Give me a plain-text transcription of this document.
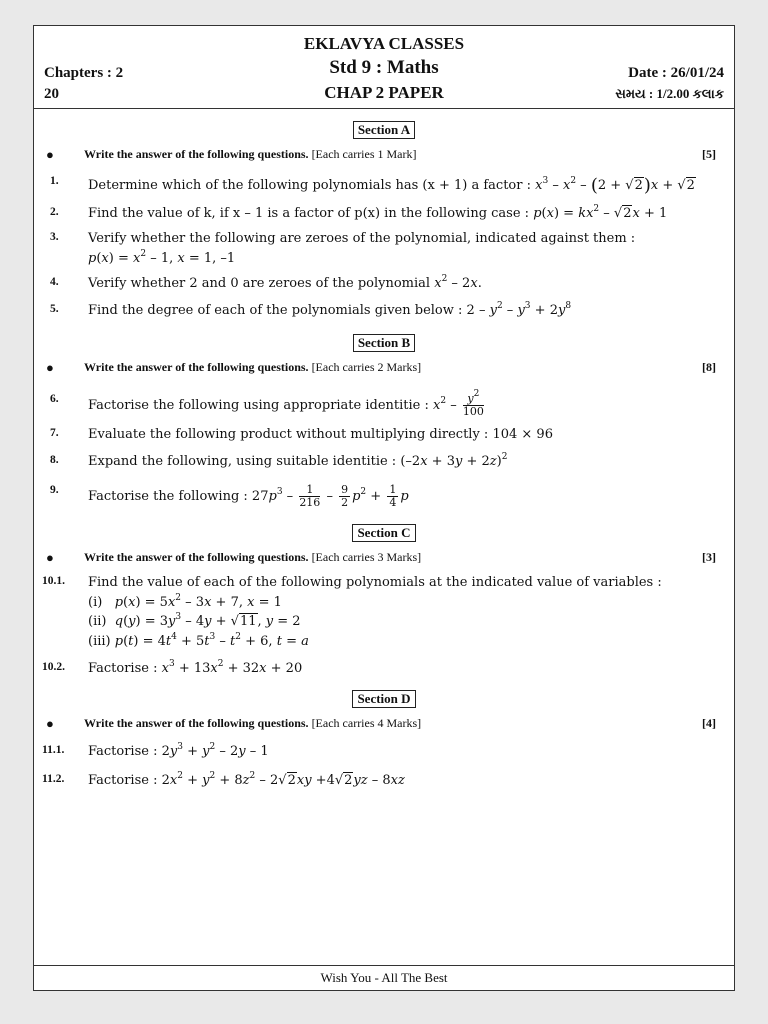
EKLAVYA CLASSES
Std 9 : Maths
CHAP 2 PAPER
Chapters : 2
20
Date : 26/01/24
સમય : 1/2.00 કલાક
Section A
●	Write the answer of the following questions. [Each carries 1 Mark]	[5]
1. Determine which of the following polynomials has (x + 1) a factor : $x^3 - x^2 - (2 + √2)x + √2$
2. Find the value of k, if x – 1 is a factor of p(x) in the following case : $p(x) = kx^2 - √2x + 1$
3. Verify whether the following are zeroes of the polynomial, indicated against them :
$p(x) = x^2 - 1$, x = 1, –1
4. Verify whether 2 and 0 are zeroes of the polynomial $x^2 - 2x$.
5. Find the degree of each of the polynomials given below : $2 - y^2 - y^3 + 2y^8$
Section B
●	Write the answer of the following questions. [Each carries 2 Marks]	[8]
6. Factorise the following using appropriate identitie : $x^2 - \frac{y^2}{100}$
7. Evaluate the following product without multiplying directly : 104 × 96
8. Expand the following, using suitable identitie : $(-2x + 3y + 2z)^2$
9. Factorise the following : $27p^3 - \frac{1}{216} - \frac{9}{2} p^2 + \frac{1}{4}$ p
Section C
●	Write the answer of the following questions. [Each carries 3 Marks]	[3]
10.1. Find the value of each of the following polynomials at the indicated value of variables :
(i)   $p(x) = 5x^2 - 3x + 7$, x = 1
(ii)  $q(y) = 3y^3 - 4y + √11$, y = 2
(iii) $p(t) = 4t^4 + 5t^3 - t^2 + 6$, t = a
10.2. Factorise : $x^3 + 13x^2 + 32x + 20$
Section D
●	Write the answer of the following questions. [Each carries 4 Marks]	[4]
11.1. Factorise : $2y^3 + y^2 - 2y - 1$
11.2. Factorise : $2x^2 + y^2 + 8z^2 - 2√2xy +4√2yz - 8xz$
Wish You - All The Best
